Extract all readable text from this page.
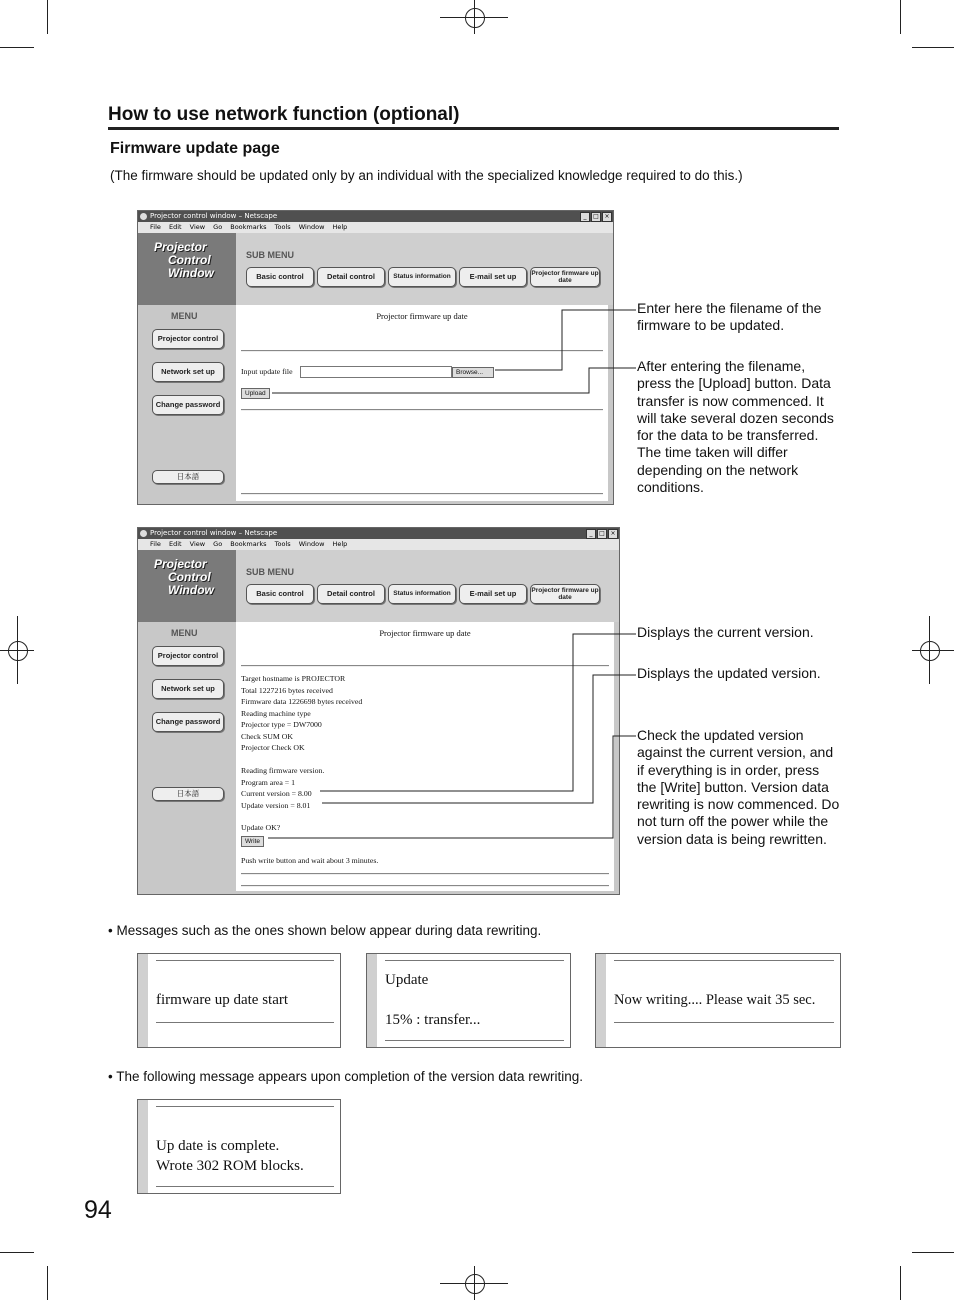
How to use network function (optional)
Firmware update page
(The firmware should be updated only by an individual with the specialized knowledge required to do this.)
Projector control window – Netscape	_	□ ×
File Edit View Go Bookmarks Tools Window Help
Projector
Control
Window
SUB MENU
Basic control	Detail control	Status information	E-mail set up	Projector firmware up date
MENU
Projector control
Network set up
Change password
日本語
Projector firmware up date
Input update file	Browse...
Upload
Projector control window – Netscape	_	□ ×
File Edit View Go Bookmarks Tools Window Help
Projector
Control
Window
SUB MENU
Basic control	Detail control	Status information	E-mail set up	Projector firmware up date
MENU
Projector control
Network set up
Change password
日本語
Projector firmware up date
Target hostname is PROJECTOR
Total 1227216 bytes received
Firmware data 1226698 bytes received
Reading machine type
Projector type = DW7000
Check SUM OK
Projector Check OK
Reading firmware version.
Program area = 1
Current version = 8.00
Update version = 8.01
Update OK?
Write
Push write button and wait about 3 minutes.
Enter here the filename of the firmware to be updated.
After entering the filename, press the [Upload] button. Data transfer is now commenced. It will take several dozen seconds for the data to be transferred. The time taken will differ depending on the network conditions.
Displays the current version.
Displays the updated version.
Check the updated version against the current version, and if everything is in order, press the [Write] button. Version data rewriting is now commenced. Do not turn off the power while the version data is being rewritten.
• Messages such as the ones shown below appear during data rewriting.
firmware up date start
Update
15% : transfer...
Now writing.... Please wait 35 sec.
• The following message appears upon completion of the version data rewriting.
Up date is complete.
Wrote 302 ROM blocks.
94
